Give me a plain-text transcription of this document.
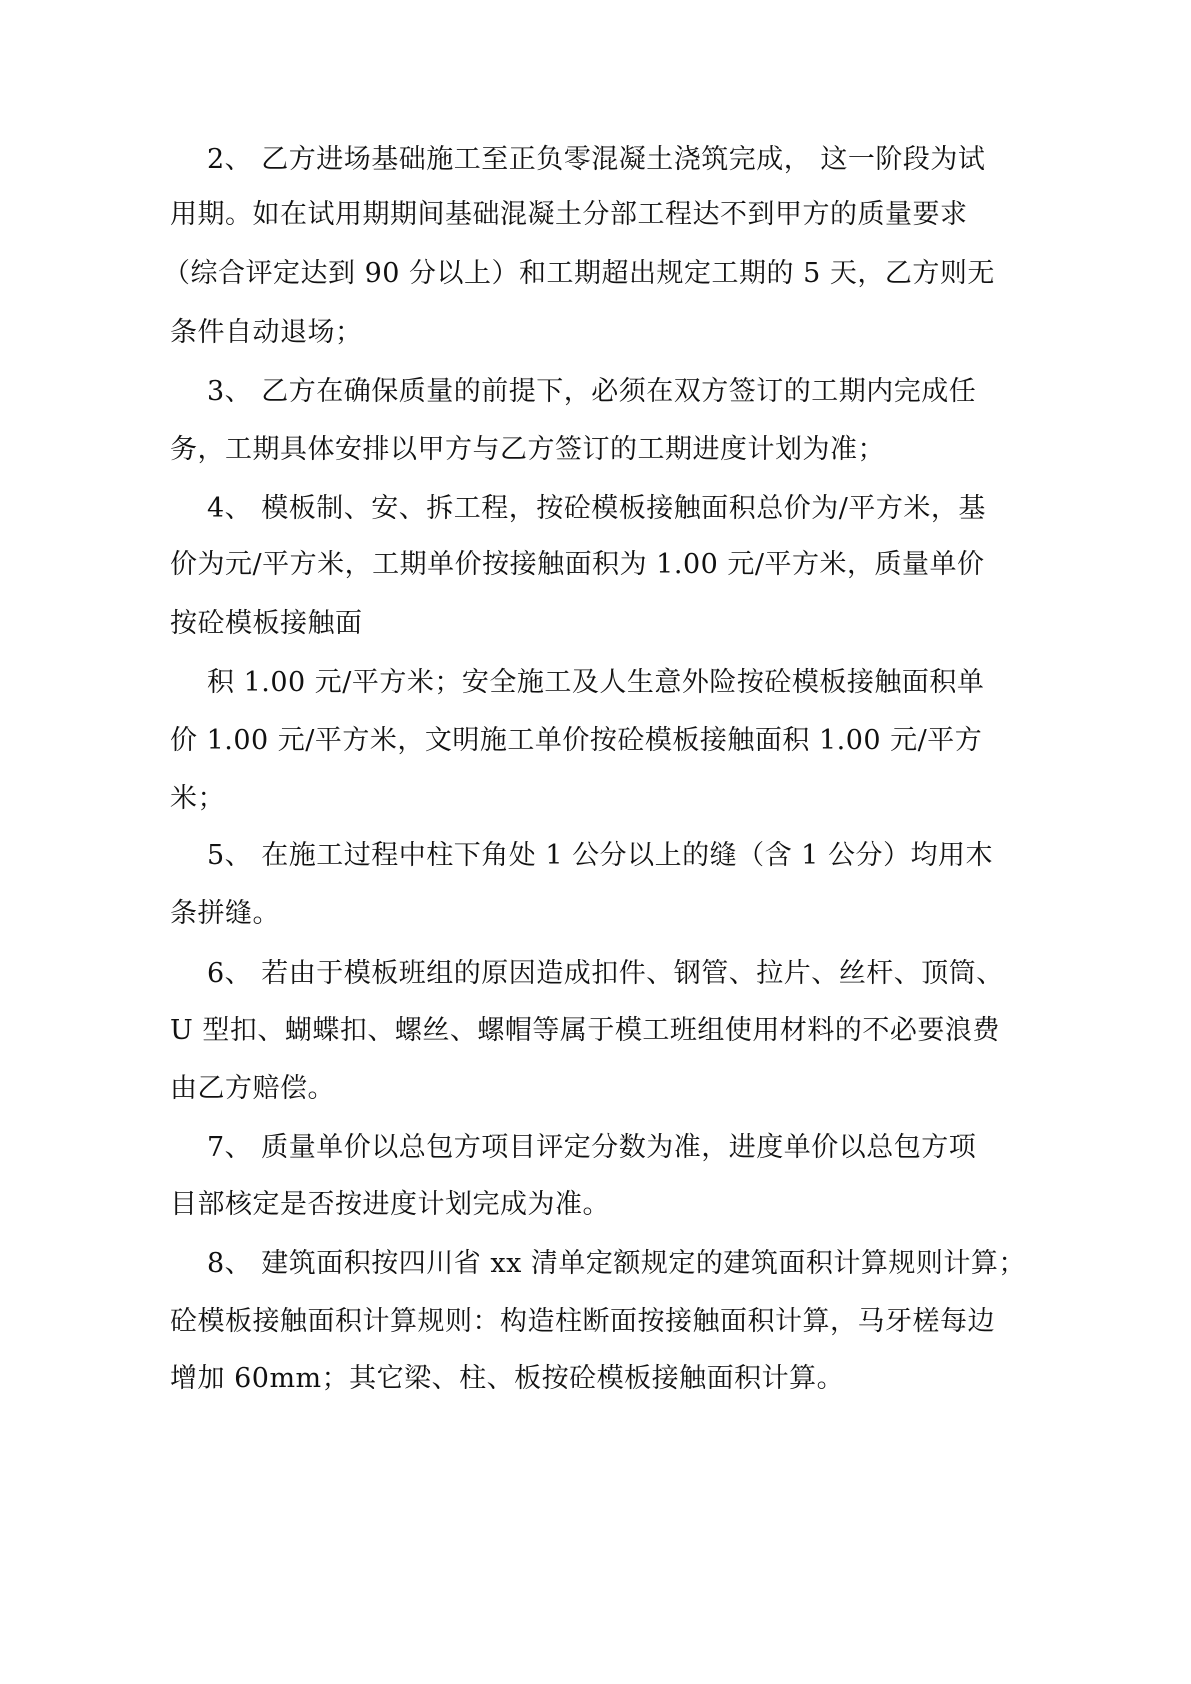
2、 乙方进场基础施工至正负零混凝土浇筑完成， 这一阶段为试
用期。如在试用期期间基础混凝土分部工程达不到甲方的质量要求
（综合评定达到 90 分以上）和工期超出规定工期的 5 天，乙方则无
条件自动退场；
3、 乙方在确保质量的前提下，必须在双方签订的工期内完成任
务，工期具体安排以甲方与乙方签订的工期进度计划为准；
4、 模板制、安、拆工程，按砼模板接触面积总价为/平方米，基
价为元/平方米，工期单价按接触面积为 1.00 元/平方米，质量单价
按砼模板接触面
积 1.00 元/平方米；安全施工及人生意外险按砼模板接触面积单
价 1.00 元/平方米，文明施工单价按砼模板接触面积 1.00 元/平方
米；
5、 在施工过程中柱下角处 1 公分以上的缝（含 1 公分）均用木
条拼缝。
6、 若由于模板班组的原因造成扣件、钢管、拉片、丝杆、顶筒、
U 型扣、蝴蝶扣、螺丝、螺帽等属于模工班组使用材料的不必要浪费
由乙方赔偿。
7、 质量单价以总包方项目评定分数为准，进度单价以总包方项
目部核定是否按进度计划完成为准。
8、 建筑面积按四川省 xx 清单定额规定的建筑面积计算规则计算；
砼模板接触面积计算规则：构造柱断面按接触面积计算，马牙槎每边
增加 60mm；其它梁、柱、板按砼模板接触面积计算。
